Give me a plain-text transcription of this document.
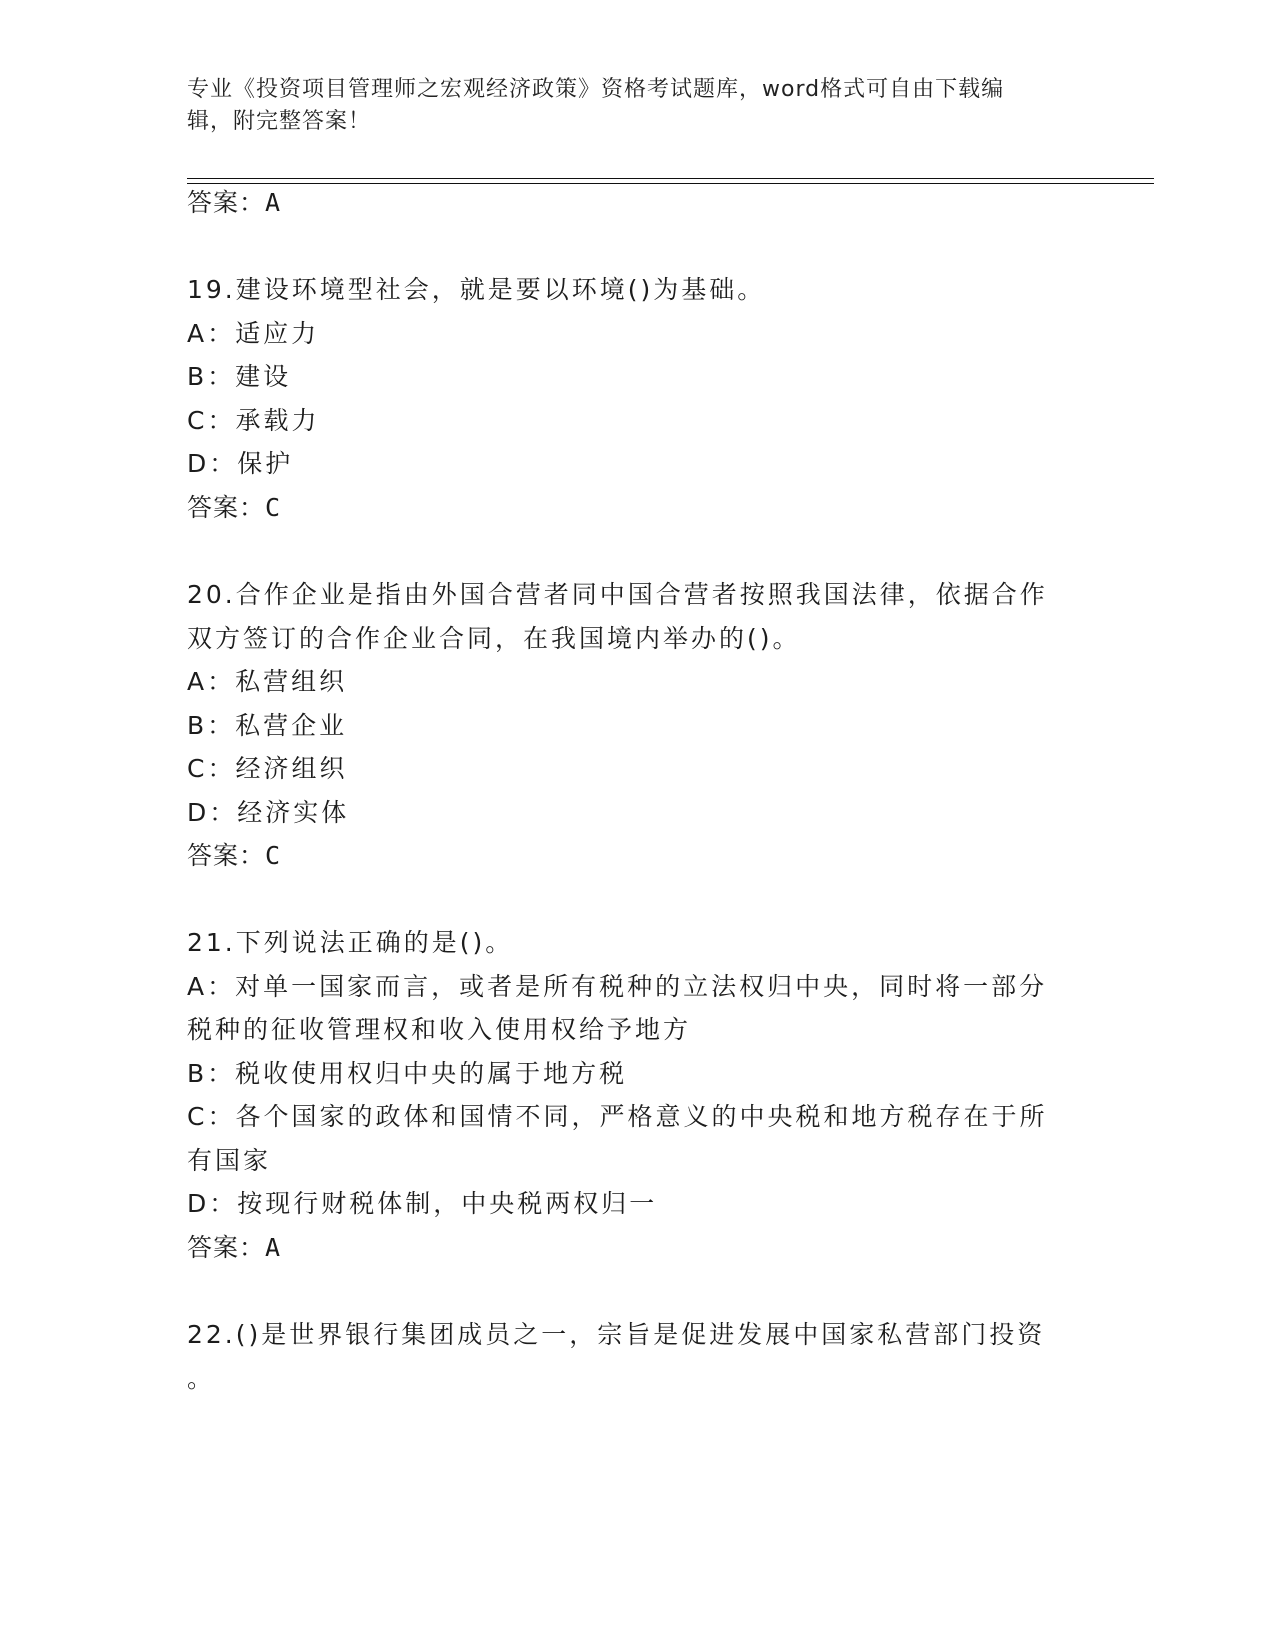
专业《投资项目管理师之宏观经济政策》资格考试题库，word格式可自由下载编
辑，附完整答案！
答案：A
19.建设环境型社会，就是要以环境()为基础。
A：适应力
B：建设
C：承载力
D：保护
答案：C
20.合作企业是指由外国合营者同中国合营者按照我国法律，依据合作
双方签订的合作企业合同，在我国境内举办的()。
A：私营组织
B：私营企业
C：经济组织
D：经济实体
答案：C
21.下列说法正确的是()。
A：对单一国家而言，或者是所有税种的立法权归中央，同时将一部分
税种的征收管理权和收入使用权给予地方
B：税收使用权归中央的属于地方税
C：各个国家的政体和国情不同，严格意义的中央税和地方税存在于所
有国家
D：按现行财税体制，中央税两权归一
答案：A
22.()是世界银行集团成员之一，宗旨是促进发展中国家私营部门投资
。
